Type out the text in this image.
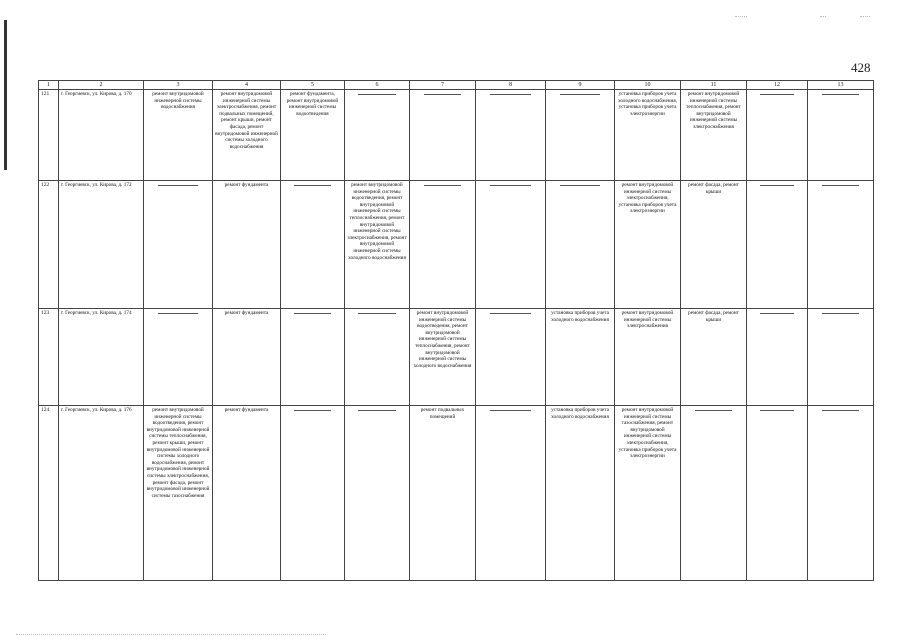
428
1	2	3	4	5	6	7	8	9	10	11	12	13
121	г. Георгиевск, ул. Кирова, д. 170	ремонт внутридомовой инженерной системы водоснабжения	ремонт внутридомовой инженерной системы электроснабжения, ремонт подвальных помещений, ремонт крыши, ремонт фасада, ремонт внутридомовой инженерной системы холодного водоснабжения	ремонт фундамента, ремонт внутридомовой инженерной системы водоотведения					установка приборов учета холодного водоснабжения, установка приборов учета электроэнергии	ремонт внутридомовой инженерной системы теплоснабжения, ремонт внутридомовой инженерной системы электроснабжения	

122	г. Георгиевск, ул. Кирова, д. 172		ремонт фундамента		ремонт внутридомовой инженерной системы водоотведения, ремонт внутридомовой инженерной системы теплоснабжения, ремонт внутридомовой инженерной системы электроснабжения, ремонт внутридомовой инженерной системы холодного водоснабжения				ремонт внутридомовой инженерной системы электроснабжения, установка приборов учета электроэнергии	ремонт фасада, ремонт крыши	

123	г. Георгиевск, ул. Кирова, д. 174		ремонт фундамента			ремонт внутридомовой инженерной системы водоотведения, ремонт внутридомовой инженерной системы теплоснабжения, ремонт внутридомовой инженерной системы холодного водоснабжения		установка приборов учета холодного водоснабжения	ремонт внутридомовой инженерной системы электроснабжения	ремонт фасада, ремонт крыши	

124	г. Георгиевск, ул. Кирова, д. 176	ремонт внутридомовой инженерной системы водоотведения, ремонт внутридомовой инженерной системы теплоснабжения, ремонт крыши, ремонт внутридомовой инженерной системы холодного водоснабжения, ремонт внутридомовой инженерной системы электроснабжения, ремонт фасада, ремонт внутридомовой инженерной системы газоснабжения	ремонт фундамента			ремонт подвальных помещений		установка приборов учета холодного водоснабжения	ремонт внутридомовой инженерной системы газоснабжения, ремонт внутридомовой инженерной системы электроснабжения, установка приборов учета электроэнергии	
